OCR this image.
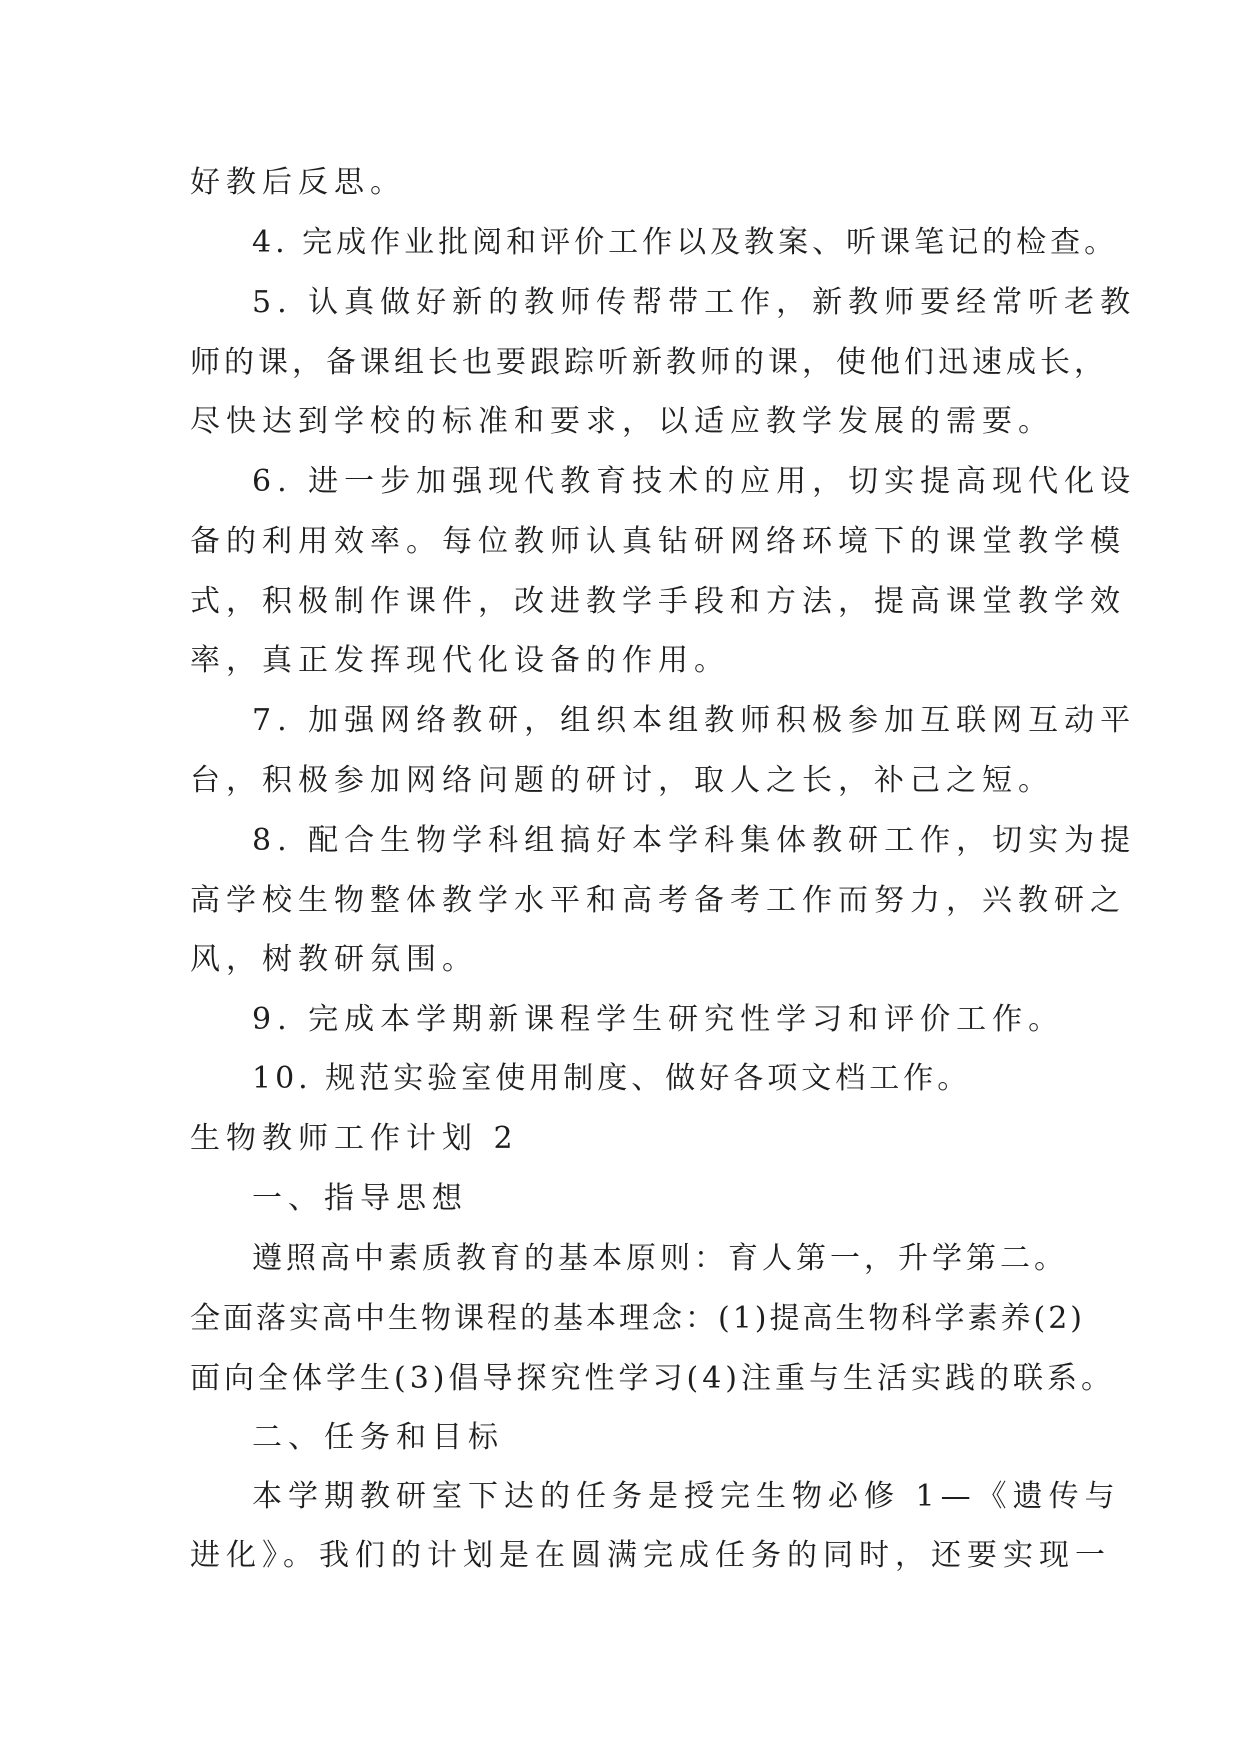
好教后反思。

4. 完成作业批阅和评价工作以及教案、听课笔记的检查。

5. 认真做好新的教师传帮带工作，新教师要经常听老教

师的课，备课组长也要跟踪听新教师的课，使他们迅速成长，

尽快达到学校的标准和要求，以适应教学发展的需要。

6. 进一步加强现代教育技术的应用，切实提高现代化设

备的利用效率。每位教师认真钻研网络环境下的课堂教学模

式，积极制作课件，改进教学手段和方法，提高课堂教学效

率，真正发挥现代化设备的作用。

7. 加强网络教研，组织本组教师积极参加互联网互动平

台，积极参加网络问题的研讨，取人之长，补己之短。

8. 配合生物学科组搞好本学科集体教研工作，切实为提

高学校生物整体教学水平和高考备考工作而努力，兴教研之

风，树教研氛围。

9. 完成本学期新课程学生研究性学习和评价工作。

10. 规范实验室使用制度、做好各项文档工作。

生物教师工作计划 2

一、指导思想

遵照高中素质教育的基本原则：育人第一，升学第二。

全面落实高中生物课程的基本理念：(1)提高生物科学素养(2)

面向全体学生(3)倡导探究性学习(4)注重与生活实践的联系。

二、任务和目标

本学期教研室下达的任务是授完生物必修 1—《遗传与

进化》。我们的计划是在圆满完成任务的同时，还要实现一
